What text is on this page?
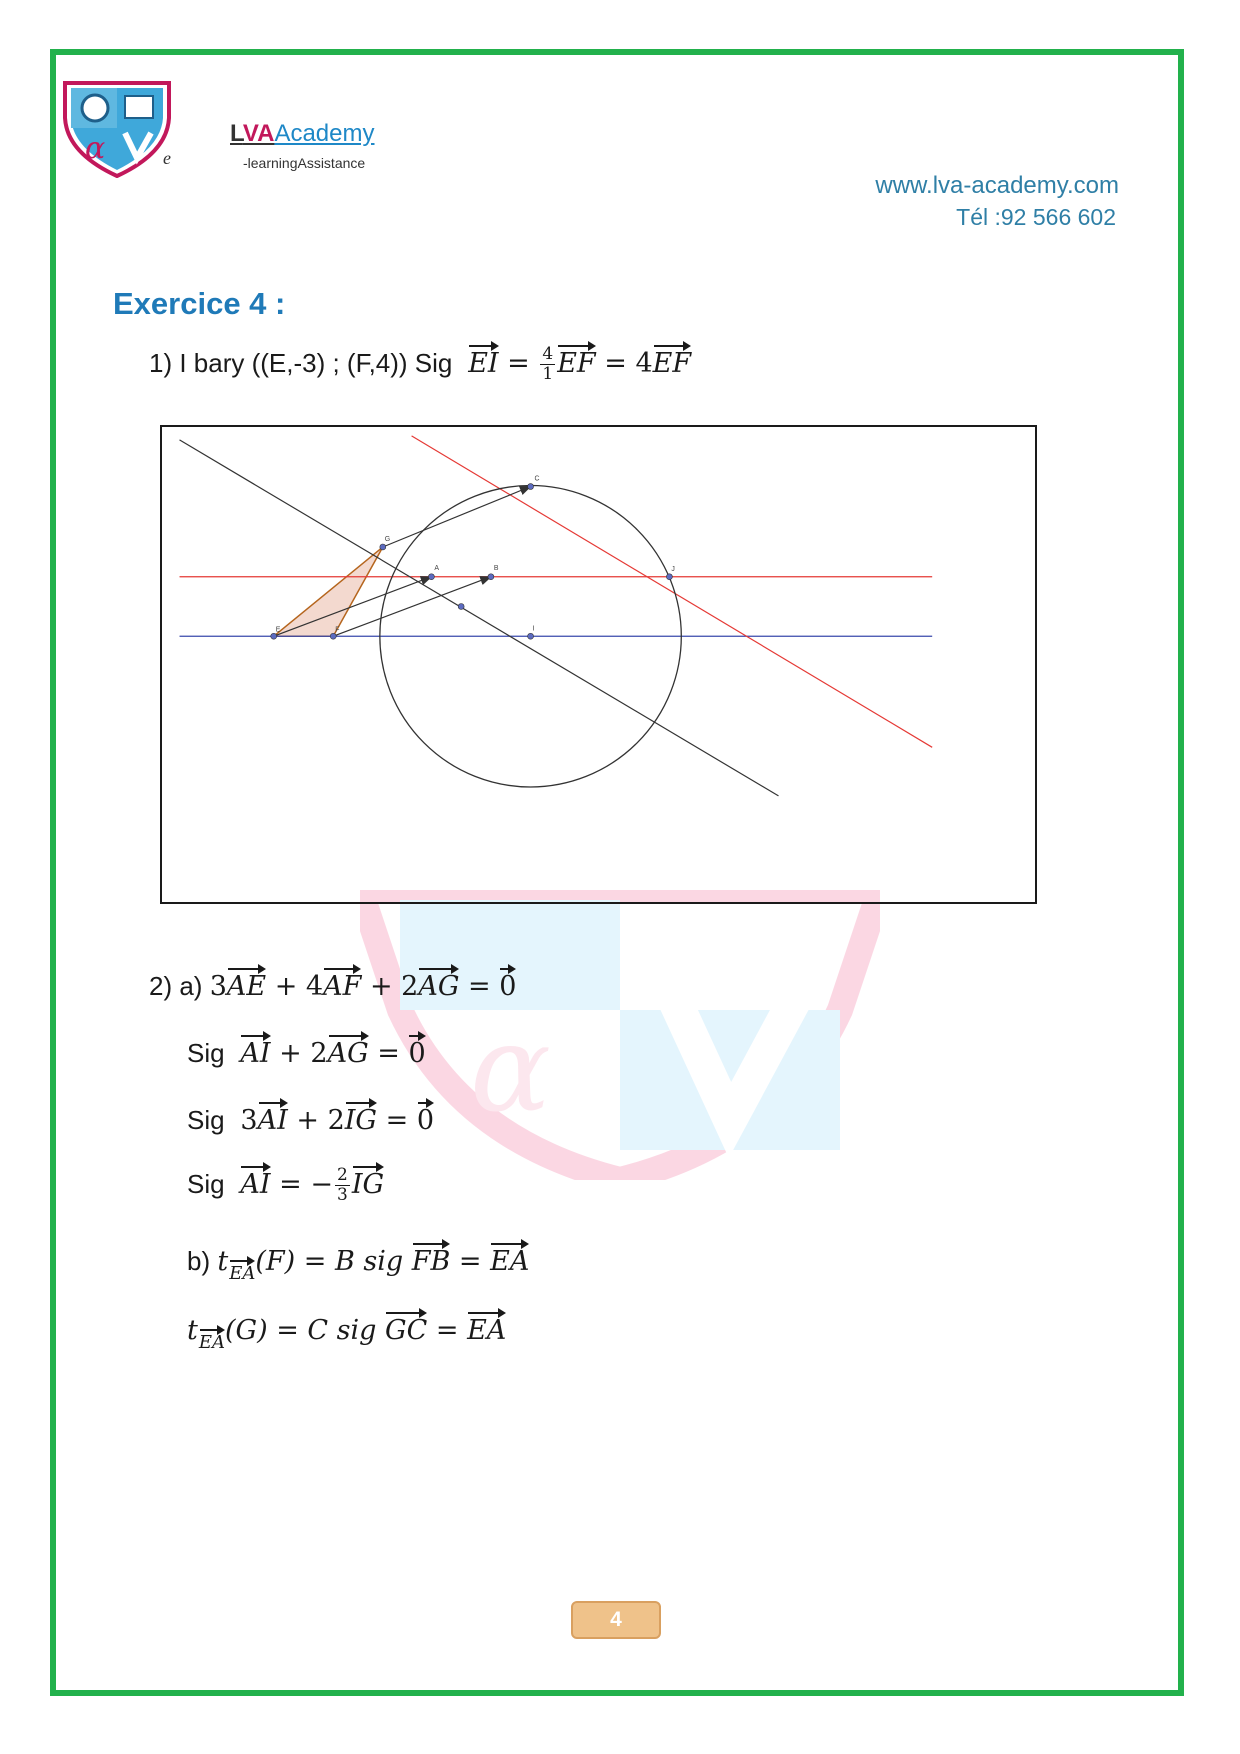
α	e
LVAAcademy
-learningAssistance
www.lva-academy.com
Tél :92 566 602
α
Exercice 4 :
1) I bary ((E,-3) ; (F,4)) Sig EI = $\frac{4}{1}$ EF = 4EF
C
G
A	B	J
E	F	I
2) a) 3AE + 4AF + 2AG = 0
Sig AI + 2AG = 0
Sig 3AI + 2IG = 0
Sig AI = − $\frac{2}{3}$ IG
b) $t_{EA}(F) = B$ sig FB = EA
$t_{EA}(G) = C$ sig GC = EA
4
